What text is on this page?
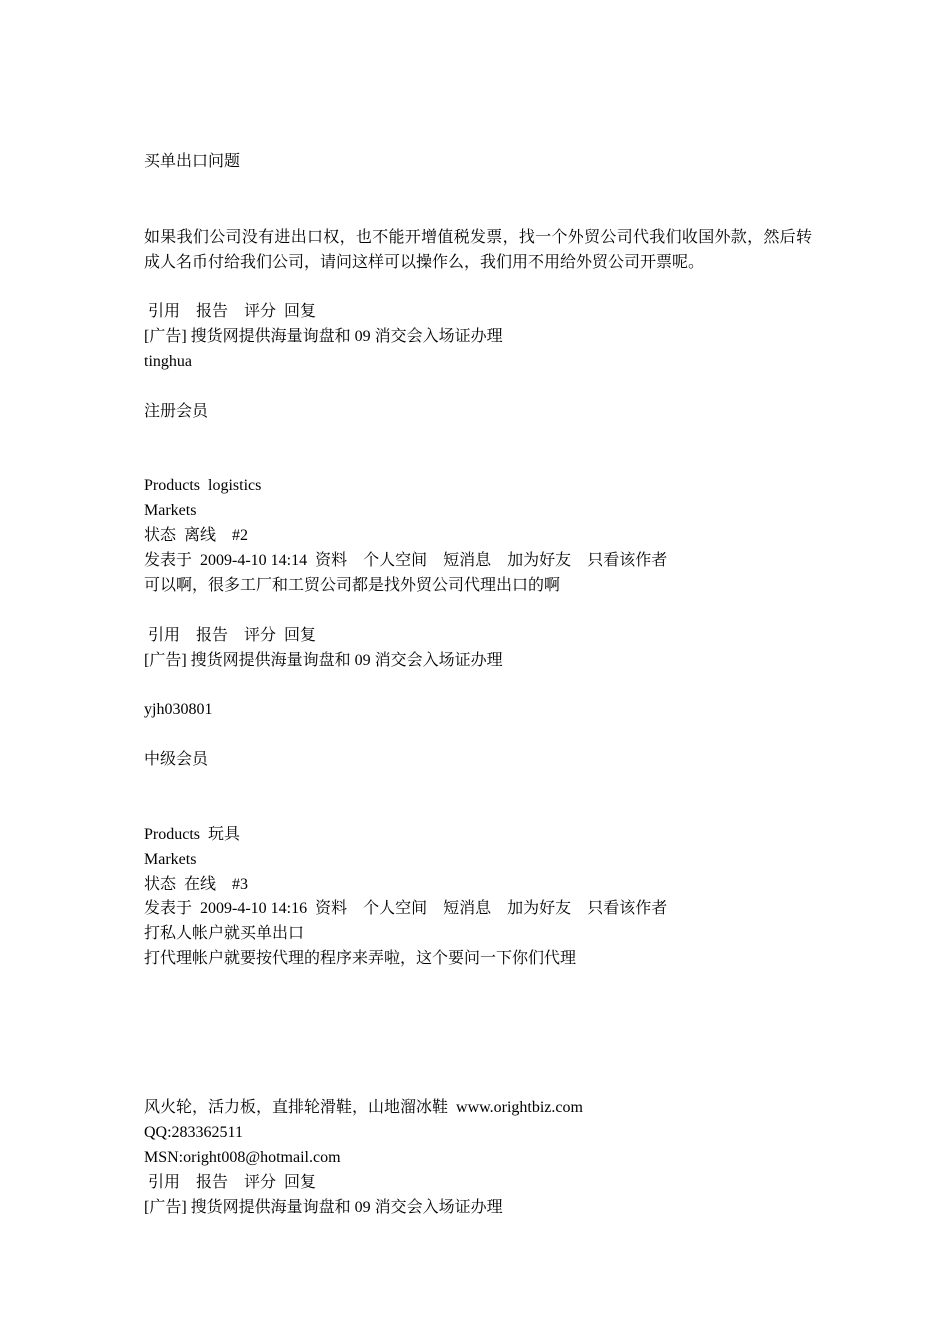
买单出口问题
如果我们公司没有进出口权，也不能开增值税发票，找一个外贸公司代我们收国外款，然后转成人名币付给我们公司，请问这样可以操作么，我们用不用给外贸公司开票呢。
引用 报告 评分 回复
[广告] 搜货网提供海量询盘和 09 消交会入场证办理
tinghua
注册会员
Products logistics
Markets
状态 离线 #2
发表于 2009-4-10 14:14 资料 个人空间 短消息 加为好友 只看该作者
可以啊，很多工厂和工贸公司都是找外贸公司代理出口的啊
引用 报告 评分 回复
[广告] 搜货网提供海量询盘和 09 消交会入场证办理
yjh030801
中级会员
Products 玩具
Markets
状态 在线 #3
发表于 2009-4-10 14:16 资料 个人空间 短消息 加为好友 只看该作者
打私人帐户就买单出口
打代理帐户就要按代理的程序来弄啦，这个要问一下你们代理
风火轮，活力板，直排轮滑鞋，山地溜冰鞋 www.orightbiz.com
QQ:283362511
MSN:oright008@hotmail.com
引用 报告 评分 回复
[广告] 搜货网提供海量询盘和 09 消交会入场证办理
